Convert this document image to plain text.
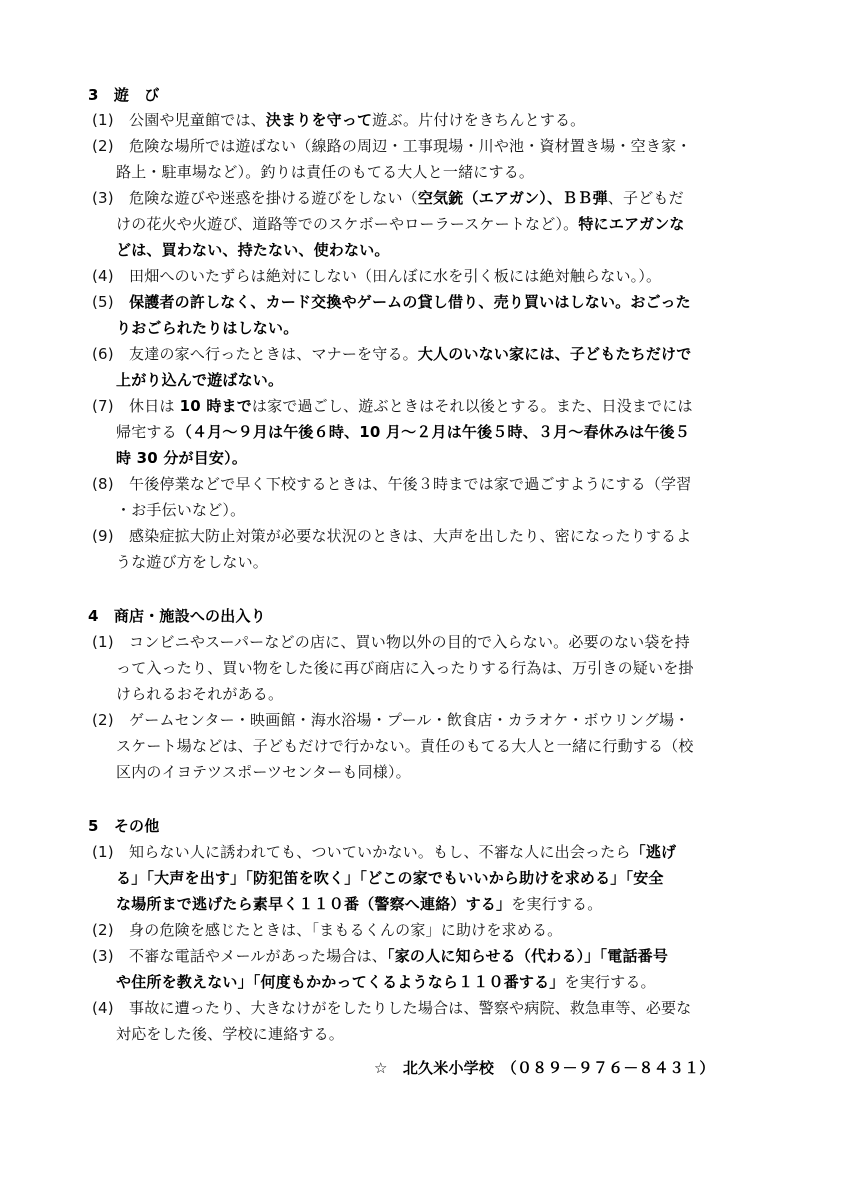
3　遊　び
(1)　公園や児童館では、決まりを守って遊ぶ。片付けをきちんとする。
(2)　危険な場所では遊ばない（線路の周辺・工事現場・川や池・資材置き場・空き家・
路上・駐車場など）。釣りは責任のもてる大人と一緒にする。
(3)　危険な遊びや迷惑を掛ける遊びをしない（空気銃（エアガン）、ＢＢ弾、子どもだ
けの花火や火遊び、道路等でのスケボーやローラースケートなど）。特にエアガンな
どは、買わない、持たない、使わない。
(4)　田畑へのいたずらは絶対にしない（田んぼに水を引く板には絶対触らない。）。
(5)　保護者の許しなく、カード交換やゲームの貸し借り、売り買いはしない。おごった
りおごられたりはしない。
(6)　友達の家へ行ったときは、マナーを守る。大人のいない家には、子どもたちだけで
上がり込んで遊ばない。
(7)　休日は 10 時までは家で過ごし、遊ぶときはそれ以後とする。また、日没までには
帰宅する（４月～９月は午後６時、10 月～２月は午後５時、３月～春休みは午後５
時 30 分が目安）。
(8)　午後停業などで早く下校するときは、午後３時までは家で過ごすようにする（学習
・お手伝いなど）。
(9)　感染症拡大防止対策が必要な状況のときは、大声を出したり、密になったりするよ
うな遊び方をしない。
4　商店・施設への出入り
(1)　コンビニやスーパーなどの店に、買い物以外の目的で入らない。必要のない袋を持
って入ったり、買い物をした後に再び商店に入ったりする行為は、万引きの疑いを掛
けられるおそれがある。
(2)　ゲームセンター・映画館・海水浴場・プール・飲食店・カラオケ・ボウリング場・
スケート場などは、子どもだけで行かない。責任のもてる大人と一緒に行動する（校
区内のイヨテツスポーツセンターも同様）。
5　その他
(1)　知らない人に誘われても、ついていかない。もし、不審な人に出会ったら「逃げ
る」「大声を出す」「防犯笛を吹く」「どこの家でもいいから助けを求める」「安全
な場所まで逃げたら素早く１１０番（警察へ連絡）する」を実行する。
(2)　身の危険を感じたときは、「まもるくんの家」に助けを求める。
(3)　不審な電話やメールがあった場合は、「家の人に知らせる（代わる）」「電話番号
や住所を教えない」「何度もかかってくるようなら１１０番する」を実行する。
(4)　事故に遭ったり、大きなけがをしたりした場合は、警察や病院、救急車等、必要な
対応をした後、学校に連絡する。
☆　北久米小学校　（０８９－９７６－８４３１）
